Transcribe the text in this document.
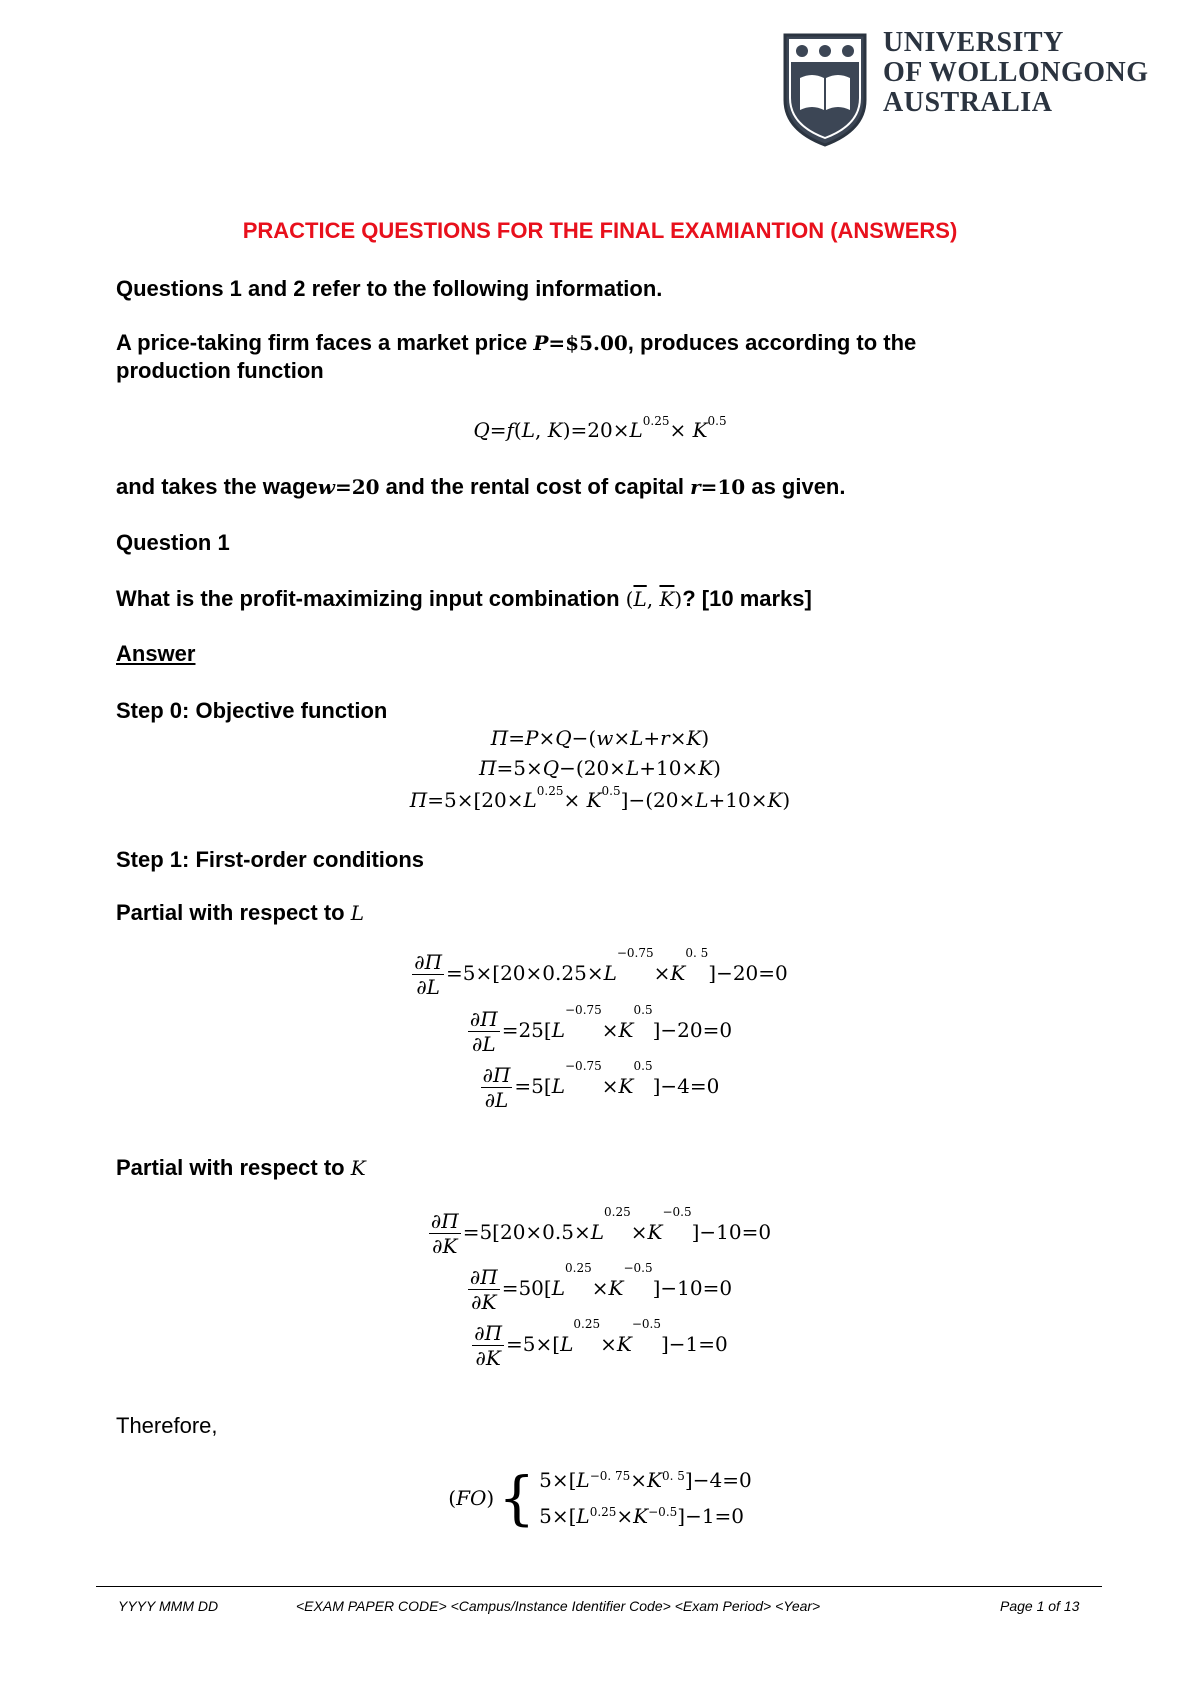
UNIVERSITY
OF WOLLONGONG
AUSTRALIA
PRACTICE QUESTIONS FOR THE FINAL EXAMIANTION (ANSWERS)
Questions 1 and 2 refer to the following information.
A price-taking firm faces a market price P=$5.00, produces according to the
production function
Q=f(L, $K)=20\times L^{0.25}\times K^{0.5}$
and takes the wagew=20 and the rental cost of capital r=10 as given.
Question 1
What is the profit-maximizing input combination ($\overline{L}$, $\overline{K}$)? [10 marks]
Answer
Step 0: Objective function
Π=P×Q−(w×L+r×K)
Π=5×Q−(20×L+10×K)
$\Pi=5\times[20\times L^{0.25}\times K^{0.5}]-(20\times L+10\times K)$
Step 1: First-order conditions
Partial with respect to L
$\frac{\partial\Pi}{\partial L} =5\times[20\times 0.25\times L^{-0.75}\times K^{0. 5}]-20=0$
$\frac{\partial\Pi}{\partial L} =25[L^{-0.75}\times K^{0.5}]-20=0$
$\frac{\partial\Pi}{\partial L} =5[L^{-0.75}\times K^{0.5}]-4=0$
Partial with respect to K
$\frac{\partial\Pi}{\partial K} =5[20\times 0.5\times L^{0.25}\times K^{-0.5}]-10=0$
$\frac{\partial\Pi}{\partial K} =50[L^{0.25}\times K^{-0.5}]-10=0$
$\frac{\partial\Pi}{\partial K} =5\times[L^{0.25}\times K^{-0.5}]-1=0$
Therefore,
(FO) { $5\times[L^{-0. 75}\times K^{0. 5}]-4=0$
$5\times[L^{0.25}\times K^{-0.5}]-1=0$
YYYY MMM DD	<EXAM PAPER CODE> <Campus/Instance Identifier Code> <Exam Period> <Year>	Page 1 of 13
